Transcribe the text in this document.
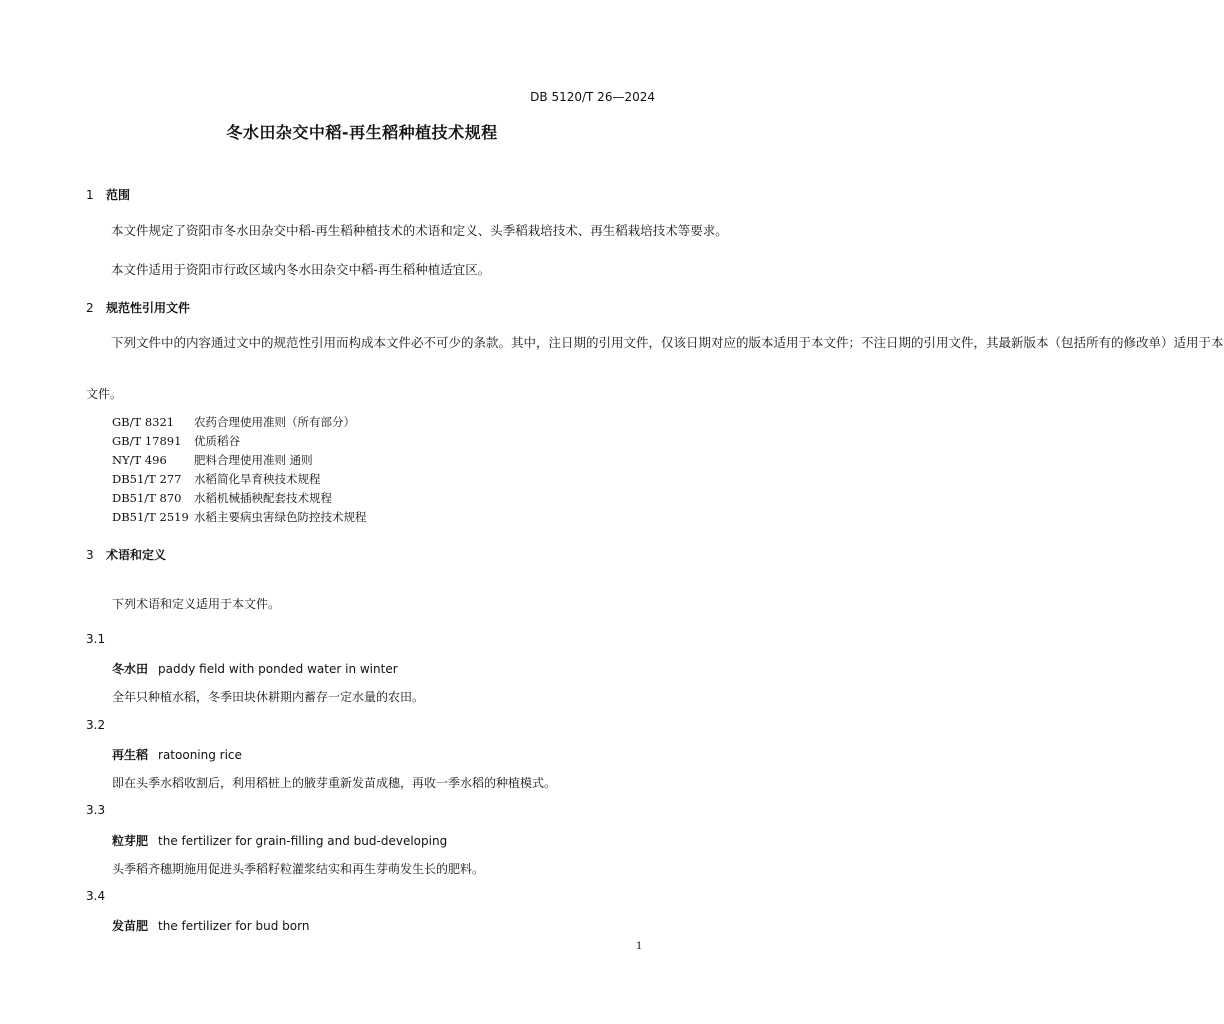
DB 5120/T 26—2024
冬水田杂交中稻-再生稻种植技术规程
1 范围
本文件规定了资阳市冬水田杂交中稻-再生稻种植技术的术语和定义、头季稻栽培技术、再生稻栽培技术等要求。
本文件适用于资阳市行政区域内冬水田杂交中稻-再生稻种植适宜区。
2 规范性引用文件
下列文件中的内容通过文中的规范性引用而构成本文件必不可少的条款。其中，注日期的引用文件，仅该日期对应的版本适用于本文件；不注日期的引用文件，其最新版本（包括所有的修改单）适用于本
文件。
GB/T 8321 农药合理使用准则（所有部分）
GB/T 17891 优质稻谷
NY/T 496 肥料合理使用准则 通则
DB51/T 277 水稻简化旱育秧技术规程
DB51/T 870 水稻机械插秧配套技术规程
DB51/T 2519 水稻主要病虫害绿色防控技术规程
3 术语和定义
下列术语和定义适用于本文件。
3.1
冬水田 paddy field with ponded water in winter
全年只种植水稻，冬季田块休耕期内蓄存一定水量的农田。
3.2
再生稻 ratooning rice
即在头季水稻收割后，利用稻桩上的腋芽重新发苗成穗，再收一季水稻的种植模式。
3.3
粒芽肥 the fertilizer for grain-filling and bud-developing
头季稻齐穗期施用促进头季稻籽粒灌浆结实和再生芽萌发生长的肥料。
3.4
发苗肥 the fertilizer for bud born
1
